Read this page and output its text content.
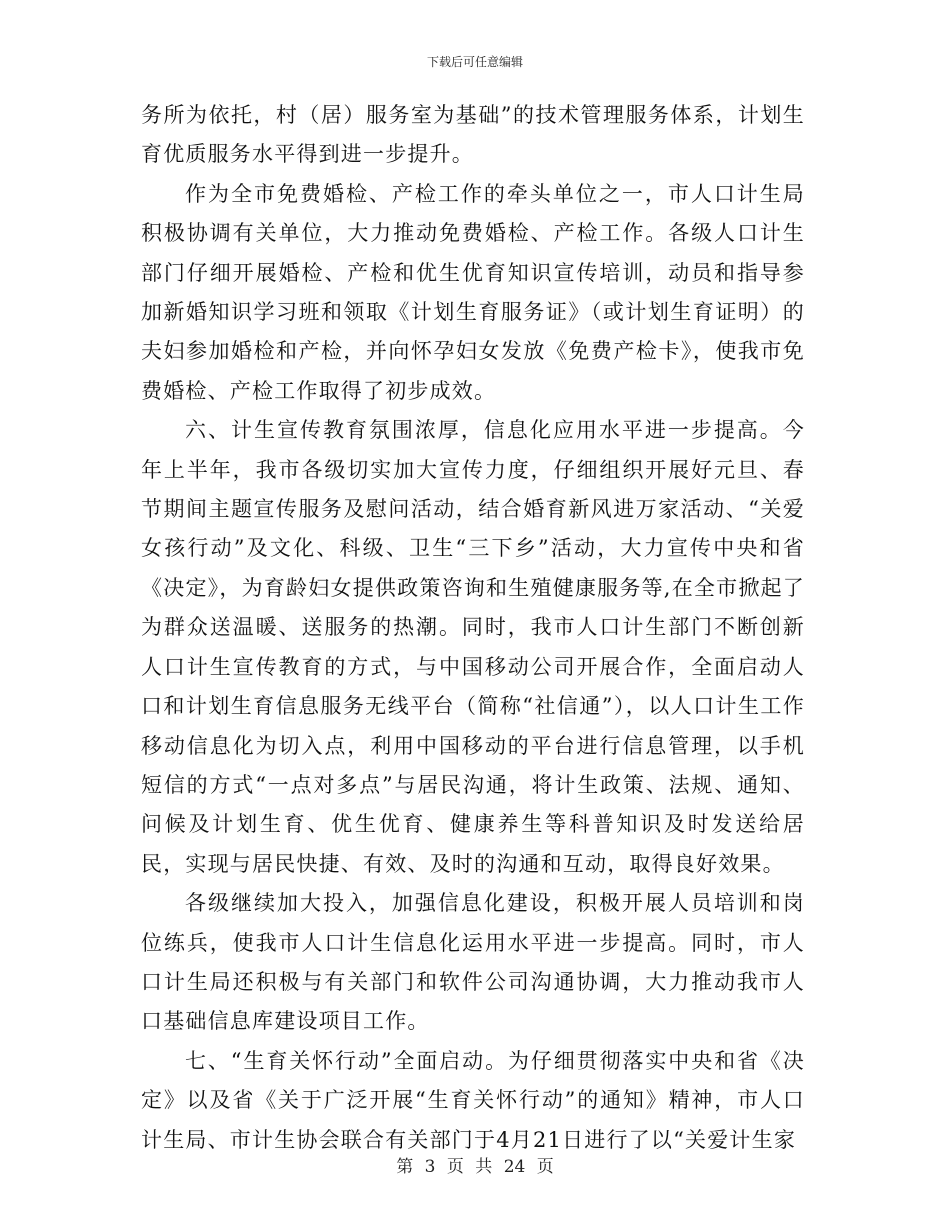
下载后可任意编辑

务所为依托，村（居）服务室为基础”的技术管理服务体系，计划生育优质服务水平得到进一步提升。

作为全市免费婚检、产检工作的牵头单位之一，市人口计生局积极协调有关单位，大力推动免费婚检、产检工作。各级人口计生部门仔细开展婚检、产检和优生优育知识宣传培训，动员和指导参加新婚知识学习班和领取《计划生育服务证》（或计划生育证明）的夫妇参加婚检和产检，并向怀孕妇女发放《免费产检卡》，使我市免费婚检、产检工作取得了初步成效。

六、计生宣传教育氛围浓厚，信息化应用水平进一步提高。今年上半年，我市各级切实加大宣传力度，仔细组织开展好元旦、春节期间主题宣传服务及慰问活动，结合婚育新风进万家活动、“关爱女孩行动”及文化、科级、卫生“三下乡”活动，大力宣传中央和省《决定》，为育龄妇女提供政策咨询和生殖健康服务等,在全市掀起了为群众送温暖、送服务的热潮。同时，我市人口计生部门不断创新人口计生宣传教育的方式，与中国移动公司开展合作，全面启动人口和计划生育信息服务无线平台（简称“社信通”），以人口计生工作移动信息化为切入点，利用中国移动的平台进行信息管理，以手机短信的方式“一点对多点”与居民沟通，将计生政策、法规、通知、问候及计划生育、优生优育、健康养生等科普知识及时发送给居民，实现与居民快捷、有效、及时的沟通和互动，取得良好效果。

各级继续加大投入，加强信息化建设，积极开展人员培训和岗位练兵，使我市人口计生信息化运用水平进一步提高。同时，市人口计生局还积极与有关部门和软件公司沟通协调，大力推动我市人口基础信息库建设项目工作。

七、“生育关怀行动”全面启动。为仔细贯彻落实中央和省《决定》以及省《关于广泛开展“生育关怀行动”的通知》精神，市人口计生局、市计生协会联合有关部门于4月21日进行了以“关爱计生家

第 3 页 共 24 页
